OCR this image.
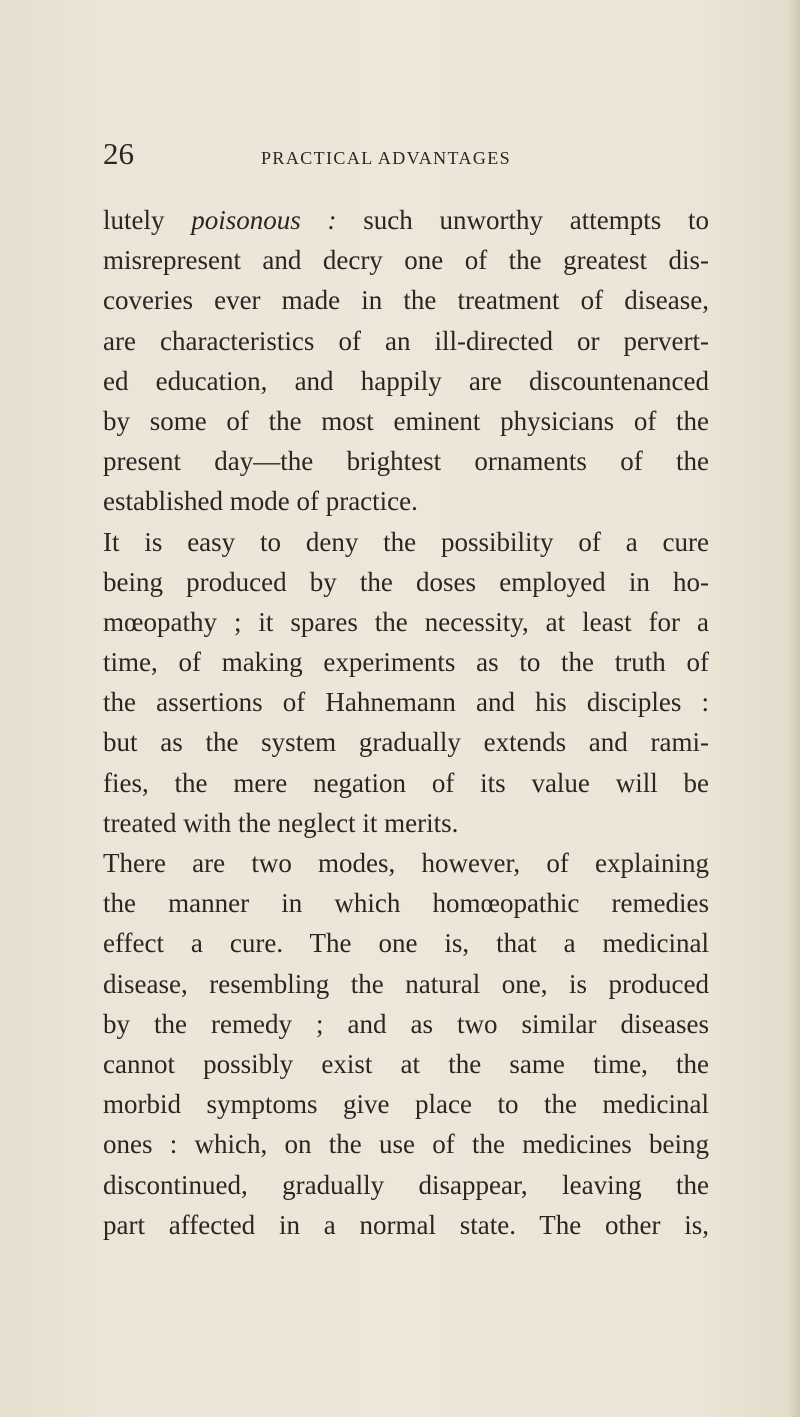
26	PRACTICAL ADVANTAGES
lutely poisonous : such unworthy attempts to
misrepresent and decry one of the greatest dis-
coveries ever made in the treatment of disease,
are characteristics of an ill-directed or pervert-
ed education, and happily are discountenanced
by some of the most eminent physicians of the
present day—the brightest ornaments of the
established mode of practice.
It is easy to deny the possibility of a cure
being produced by the doses employed in ho-
mœopathy ; it spares the necessity, at least for a
time, of making experiments as to the truth of
the assertions of Hahnemann and his disciples :
but as the system gradually extends and rami-
fies, the mere negation of its value will be
treated with the neglect it merits.
There are two modes, however, of explaining
the manner in which homœopathic remedies
effect a cure. The one is, that a medicinal
disease, resembling the natural one, is produced
by the remedy ; and as two similar diseases
cannot possibly exist at the same time, the
morbid symptoms give place to the medicinal
ones : which, on the use of the medicines being
discontinued, gradually disappear, leaving the
part affected in a normal state. The other is,
